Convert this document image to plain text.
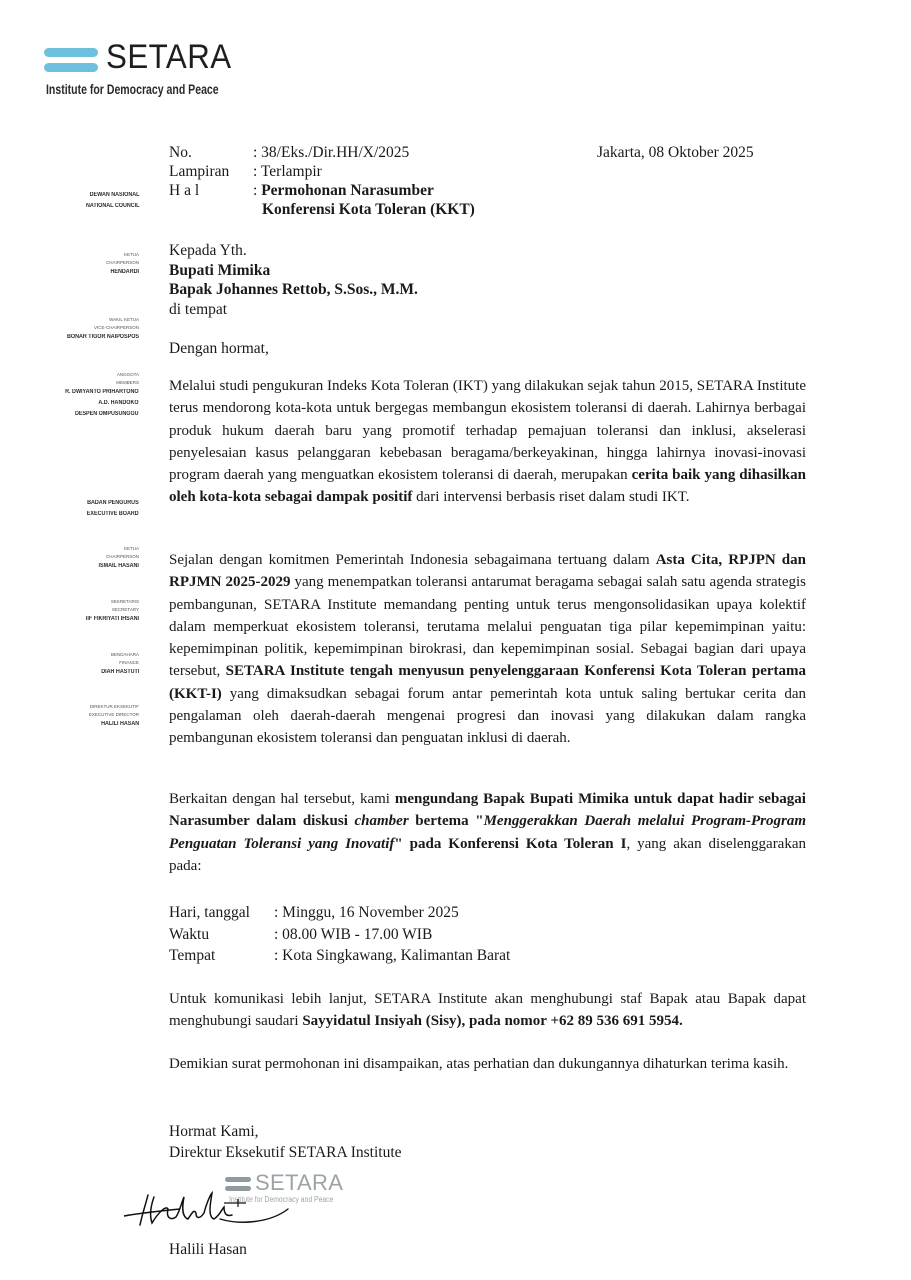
SETARA
Institute for Democracy and Peace
DEWAN NASIONAL
NATIONAL COUNCIL
KETUA
CHAIRPERSON
HENDARDI
WAKIL KETUA
VICE-CHAIRPERSON
BONAR TIGOR NAIPOSPOS
ANGGOTA
MEMBERS
R. DWIYANTO PRIHARTONO
A.D. HANDOKO
DESPEN OMPUSUNGGU
BADAN PENGURUS
EXECUTIVE BOARD
KETUA
CHAIRPERSON
ISMAIL HASANI
SEKRETARIS
SECRETARY
IIF FIKRIYATI IHSANI
BENDAHARA
FINANCE
DIAH HASTUTI
DIREKTUR EKSEKUTIF
EXECUTIVE DIRECTOR
HALILI HASAN
No.	: 38/Eks./Dir.HH/X/2025
Lampiran	: Terlampir
H a l	: Permohonan Narasumber
Konferensi Kota Toleran (KKT)
Jakarta, 08 Oktober 2025
Kepada Yth.
Bupati Mimika
Bapak Johannes Rettob, S.Sos., M.M.
di tempat
Dengan hormat,
Melalui studi pengukuran Indeks Kota Toleran (IKT) yang dilakukan sejak tahun 2015, SETARA Institute terus mendorong kota-kota untuk bergegas membangun ekosistem toleransi di daerah. Lahirnya berbagai produk hukum daerah baru yang promotif terhadap pemajuan toleransi dan inklusi, akselerasi penyelesaian kasus pelanggaran kebebasan beragama/berkeyakinan, hingga lahirnya inovasi-inovasi program daerah yang menguatkan ekosistem toleransi di daerah, merupakan cerita baik yang dihasilkan oleh kota-kota sebagai dampak positif dari intervensi berbasis riset dalam studi IKT.
Sejalan dengan komitmen Pemerintah Indonesia sebagaimana tertuang dalam Asta Cita, RPJPN dan RPJMN 2025-2029 yang menempatkan toleransi antarumat beragama sebagai salah satu agenda strategis pembangunan, SETARA Institute memandang penting untuk terus mengonsolidasikan upaya kolektif dalam memperkuat ekosistem toleransi, terutama melalui penguatan tiga pilar kepemimpinan yaitu: kepemimpinan politik, kepemimpinan birokrasi, dan kepemimpinan sosial. Sebagai bagian dari upaya tersebut, SETARA Institute tengah menyusun penyelenggaraan Konferensi Kota Toleran pertama (KKT-I) yang dimaksudkan sebagai forum antar pemerintah kota untuk saling bertukar cerita dan pengalaman oleh daerah-daerah mengenai progresi dan inovasi yang dilakukan dalam rangka pembangunan ekosistem toleransi dan penguatan inklusi di daerah.
Berkaitan dengan hal tersebut, kami mengundang Bapak Bupati Mimika untuk dapat hadir sebagai Narasumber dalam diskusi chamber bertema "Menggerakkan Daerah melalui Program-Program Penguatan Toleransi yang Inovatif" pada Konferensi Kota Toleran I, yang akan diselenggarakan pada:
Hari, tanggal	: Minggu, 16 November 2025
Waktu	: 08.00 WIB - 17.00 WIB
Tempat	: Kota Singkawang, Kalimantan Barat
Untuk komunikasi lebih lanjut, SETARA Institute akan menghubungi staf Bapak atau Bapak dapat menghubungi saudari Sayyidatul Insiyah (Sisy), pada nomor +62 89 536 691 5954.
Demikian surat permohonan ini disampaikan, atas perhatian dan dukungannya dihaturkan terima kasih.
Hormat Kami,
Direktur Eksekutif SETARA Institute
SETARA
Institute for Democracy and Peace
Halili Hasan
